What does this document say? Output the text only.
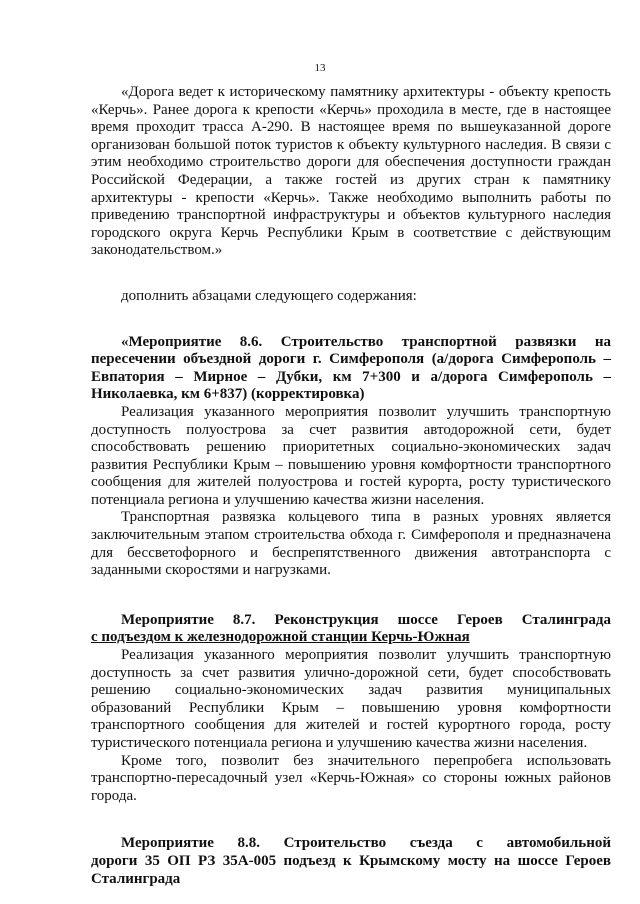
13

«Дорога ведет к историческому памятнику архитектуры - объекту крепость

«Керчь». Ранее дорога к крепости «Керчь» проходила в месте, где в настоящее

время проходит трасса А-290. В настоящее время по вышеуказанной дороге

организован большой поток туристов к объекту культурного наследия. В связи с

этим необходимо строительство дороги для обеспечения доступности граждан

Российской Федерации, а также гостей из других стран к памятнику

архитектуры - крепости «Керчь». Также необходимо выполнить работы по

приведению транспортной инфраструктуры и объектов культурного наследия

городского округа Керчь Республики Крым в соответствие с действующим

законодательством.»

дополнить абзацами следующего содержания:

«Мероприятие 8.6. Строительство транспортной развязки на

пересечении объездной дороги г. Симферополя (а/дорога Симферополь –

Евпатория – Мирное – Дубки, км 7+300 и а/дорога Симферополь –

Николаевка, км 6+837) (корректировка)

Реализация указанного мероприятия позволит улучшить транспортную

доступность полуострова за счет развития автодорожной сети, будет

способствовать решению приоритетных социально-экономических задач

развития Республики Крым – повышению уровня комфортности транспортного

сообщения для жителей полуострова и гостей курорта, росту туристического

потенциала региона и улучшению качества жизни населения.

Транспортная развязка кольцевого типа в разных уровнях является

заключительным этапом строительства обхода г. Симферополя и предназначена

для бессветофорного и беспрепятственного движения автотранспорта с

заданными скоростями и нагрузками.

Мероприятие 8.7. Реконструкция шоссе Героев Сталинграда

с подъездом к железнодорожной станции Керчь-Южная

Реализация указанного мероприятия позволит улучшить транспортную

доступность за счет развития улично-дорожной сети, будет способствовать

решению социально-экономических задач развития муниципальных

образований Республики Крым – повышению уровня комфортности

транспортного сообщения для жителей и гостей курортного города, росту

туристического потенциала региона и улучшению качества жизни населения.

Кроме того, позволит без значительного перепробега использовать

транспортно-пересадочный узел «Керчь-Южная» со стороны южных районов

города.

Мероприятие 8.8. Строительство съезда с автомобильной

дороги 35 ОП РЗ 35А-005 подъезд к Крымскому мосту на шоссе Героев

Сталинграда
